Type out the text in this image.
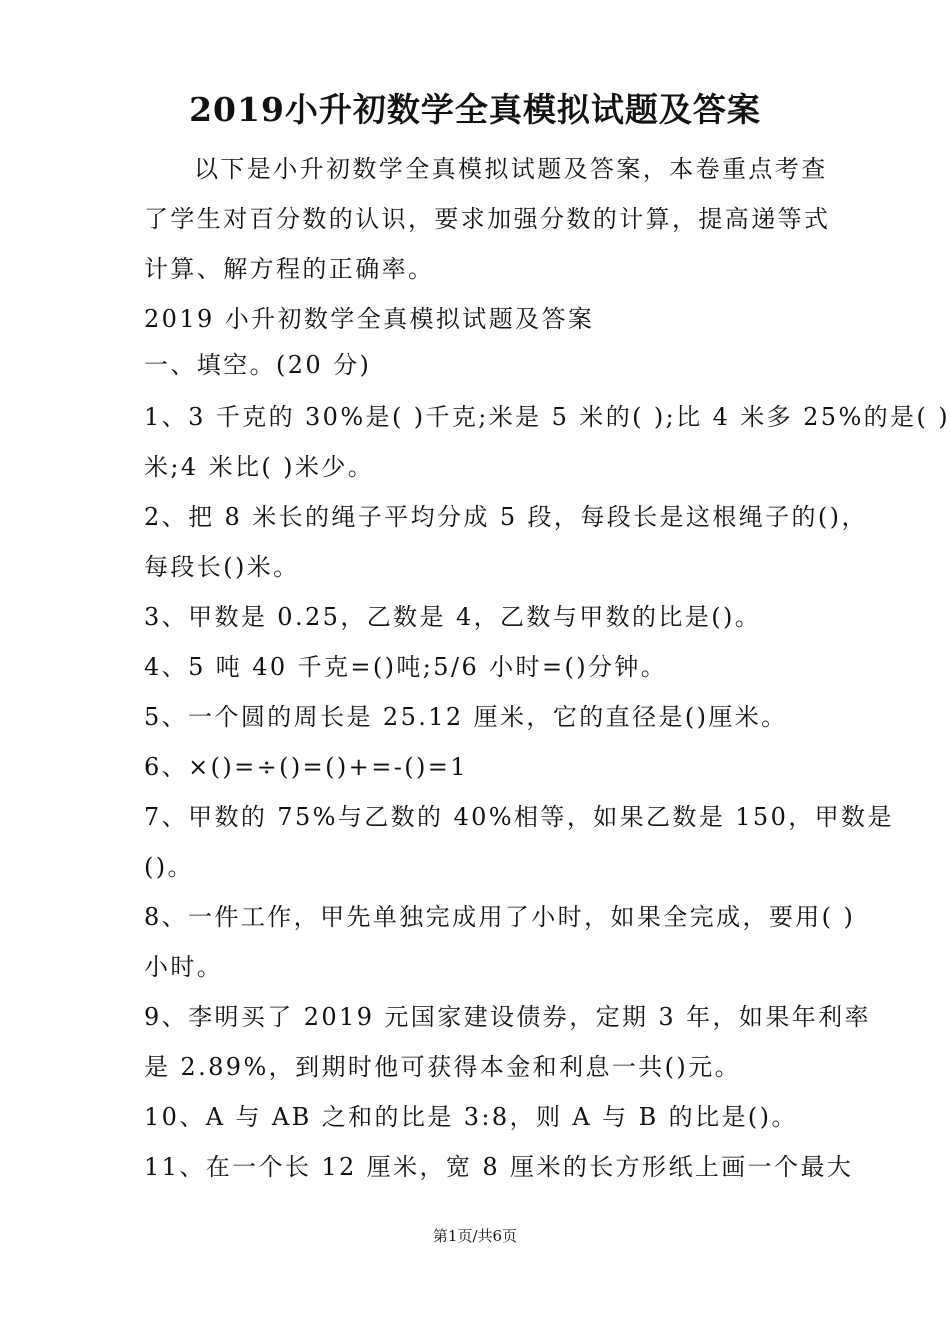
2019小升初数学全真模拟试题及答案
以下是小升初数学全真模拟试题及答案，本卷重点考查
了学生对百分数的认识，要求加强分数的计算，提高递等式
计算、解方程的正确率。
2019 小升初数学全真模拟试题及答案
一、填空。(20 分)
1、3 千克的 30%是( )千克;米是 5 米的( );比 4 米多 25%的是( )
米;4 米比( )米少。
2、把 8 米长的绳子平均分成 5 段，每段长是这根绳子的()，
每段长()米。
3、甲数是 0.25，乙数是 4，乙数与甲数的比是()。
4、5 吨 40 千克=()吨;5/6 小时=()分钟。
5、一个圆的周长是 25.12 厘米，它的直径是()厘米。
6、×()=÷()=()+=-()=1
7、甲数的 75%与乙数的 40%相等，如果乙数是 150，甲数是
()。
8、一件工作，甲先单独完成用了小时，如果全完成，要用( )
小时。
9、李明买了 2019 元国家建设债券，定期 3 年，如果年利率
是 2.89%，到期时他可获得本金和利息一共()元。
10、A 与 AB 之和的比是 3:8，则 A 与 B 的比是()。
11、在一个长 12 厘米，宽 8 厘米的长方形纸上画一个最大
第1页/共6页
